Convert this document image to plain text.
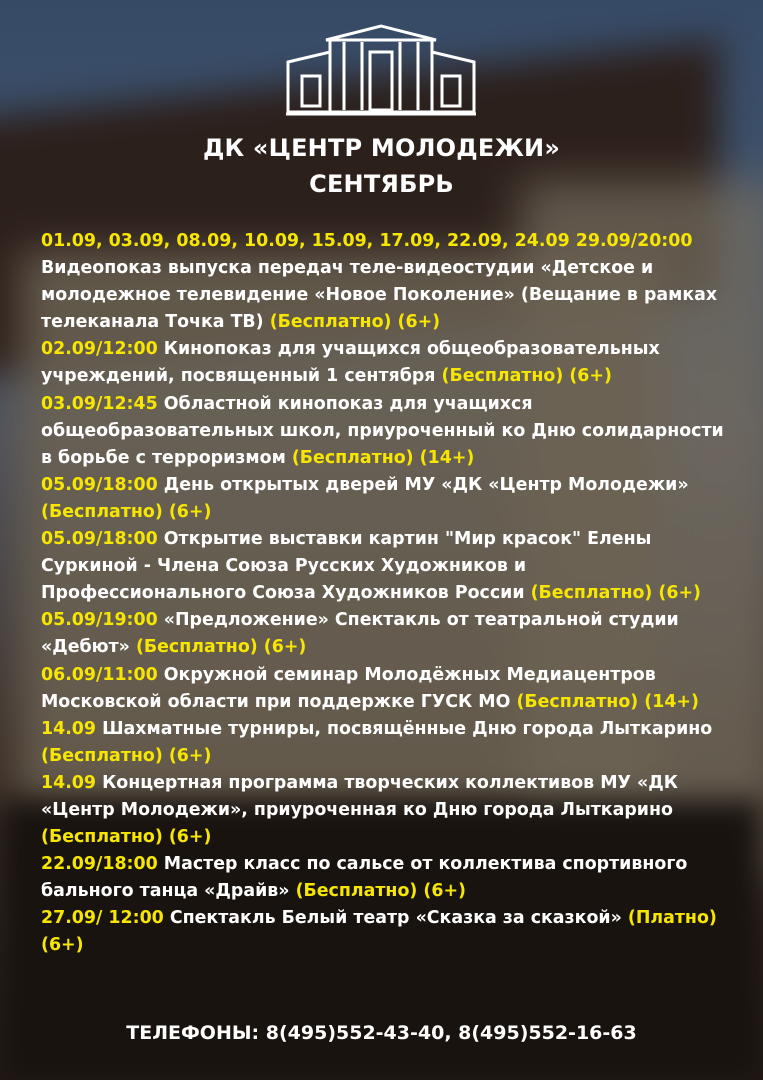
ДК «ЦЕНТР МОЛОДЕЖИ»
СЕНТЯБРЬ

01.09, 03.09, 08.09, 10.09, 15.09, 17.09, 22.09, 24.09 29.09/20:00
Видеопоказ выпуска передач теле-видеостудии «Детское и молодежное телевидение «Новое Поколение» (Вещание в рамках телеканала Точка ТВ) (Бесплатно) (6+)

02.09/12:00 Кинопоказ для учащихся общеобразовательных учреждений, посвященный 1 сентября (Бесплатно) (6+)

03.09/12:45 Областной кинопоказ для учащихся общеобразовательных школ, приуроченный ко Дню солидарности в борьбе с терроризмом (Бесплатно) (14+)

05.09/18:00 День открытых дверей МУ «ДК «Центр Молодежи» (Бесплатно) (6+)

05.09/18:00 Открытие выставки картин "Мир красок" Елены Суркиной - Члена Союза Русских Художников и Профессионального Союза Художников России (Бесплатно) (6+)

05.09/19:00 «Предложение» Спектакль от театральной студии «Дебют» (Бесплатно) (6+)

06.09/11:00 Окружной семинар Молодёжных Медиацентров Московской области при поддержке ГУСК МО (Бесплатно) (14+)

14.09 Шахматные турниры, посвящённые Дню города Лыткарино (Бесплатно) (6+)

14.09 Концертная программа творческих коллективов МУ «ДК «Центр Молодежи», приуроченная ко Дню города Лыткарино (Бесплатно) (6+)

22.09/18:00 Мастер класс по сальсе от коллектива спортивного бального танца «Драйв» (Бесплатно) (6+)

27.09/ 12:00 Спектакль Белый театр «Сказка за сказкой» (Платно) (6+)

ТЕЛЕФОНЫ: 8(495)552-43-40, 8(495)552-16-63
